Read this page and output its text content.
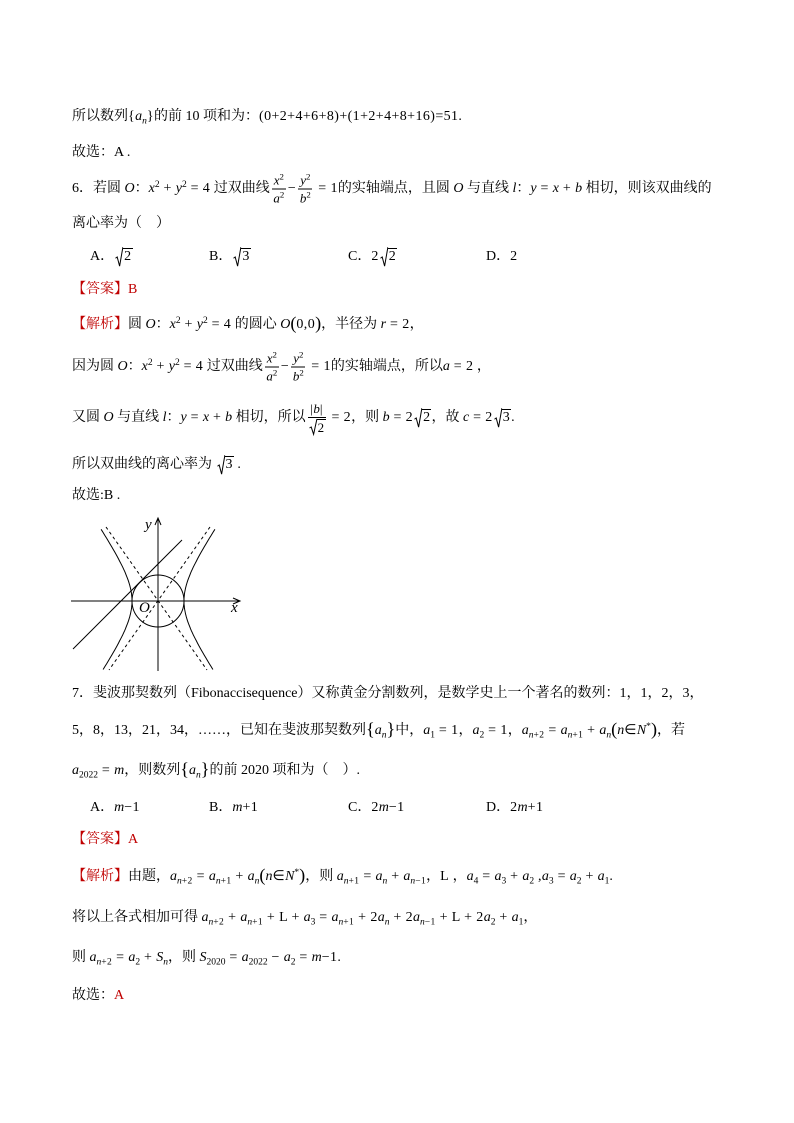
所以数列$\{a_n\}$的前 10 项和为：(0+2+4+6+8)+(1+2+4+8+16)=51.
故选：A .
6．若圆 O：$x^2 + y^2 = 4$ 过双曲线 $\frac{x^2}{a^2} - \frac{y^2}{b^2} = 1$的实轴端点，且圆 O 与直线 l：y = x + b 相切，则该双曲线的
离心率为（    ）
A． 2	B． 3	C．2 2	D．2
【答案】B
【解析】圆 O：$x^2 + y^2 = 4$ 的圆心 O(0,0)，半径为 r = 2，
因为圆 O：$x^2 + y^2 = 4$ 过双曲线 $\frac{x^2}{a^2} - \frac{y^2}{b^2} = 1$的实轴端点，所以a = 2 ，
又圆 O 与直线 l：y = x + b 相切，所以 $\frac{|b|}{2} = 2$，则 b = 2 2，故 c = 2 3.
所以双曲线的离心率为
3 .
故选:B .
y
x
O
7．斐波那契数列（Fibonaccisequence）又称黄金分割数列，是数学史上一个著名的数列：1，1，2，3，
5，8，13，21，34，……，已知在斐波那契数列$\{a_n\}$中，$a_1 = 1$，$a_2 = 1$，$a_{n+2} = a_{n+1}$ + $a_n(n\in N^*)$，若
$a_{2022} = m$，则数列$\{a_n\}$的前 2020 项和为（    ）.
A．m−1	B．m+1	C．2m−1	D．2m+1
【答案】A
【解析】由题，$a_{n+2} = a_{n+1}$ + $a_n(n\in N^*)$，则 $a_{n+1} = a_n + a_{n-1}$，L ，$a_4 = a_3 + a_2$ $,a_3 = a_2 + a_1$.
将以上各式相加可得 $a_{n+2} + a_{n+1} + L + a_3 = a_{n+1} + 2a_n + 2a_{n-1} + L + 2a_2 + a_1$，
则 $a_{n+2} = a_2 + S_n$，则 $S_{2020} = a_{2022} - a_2 = m-1$.
故选：A
